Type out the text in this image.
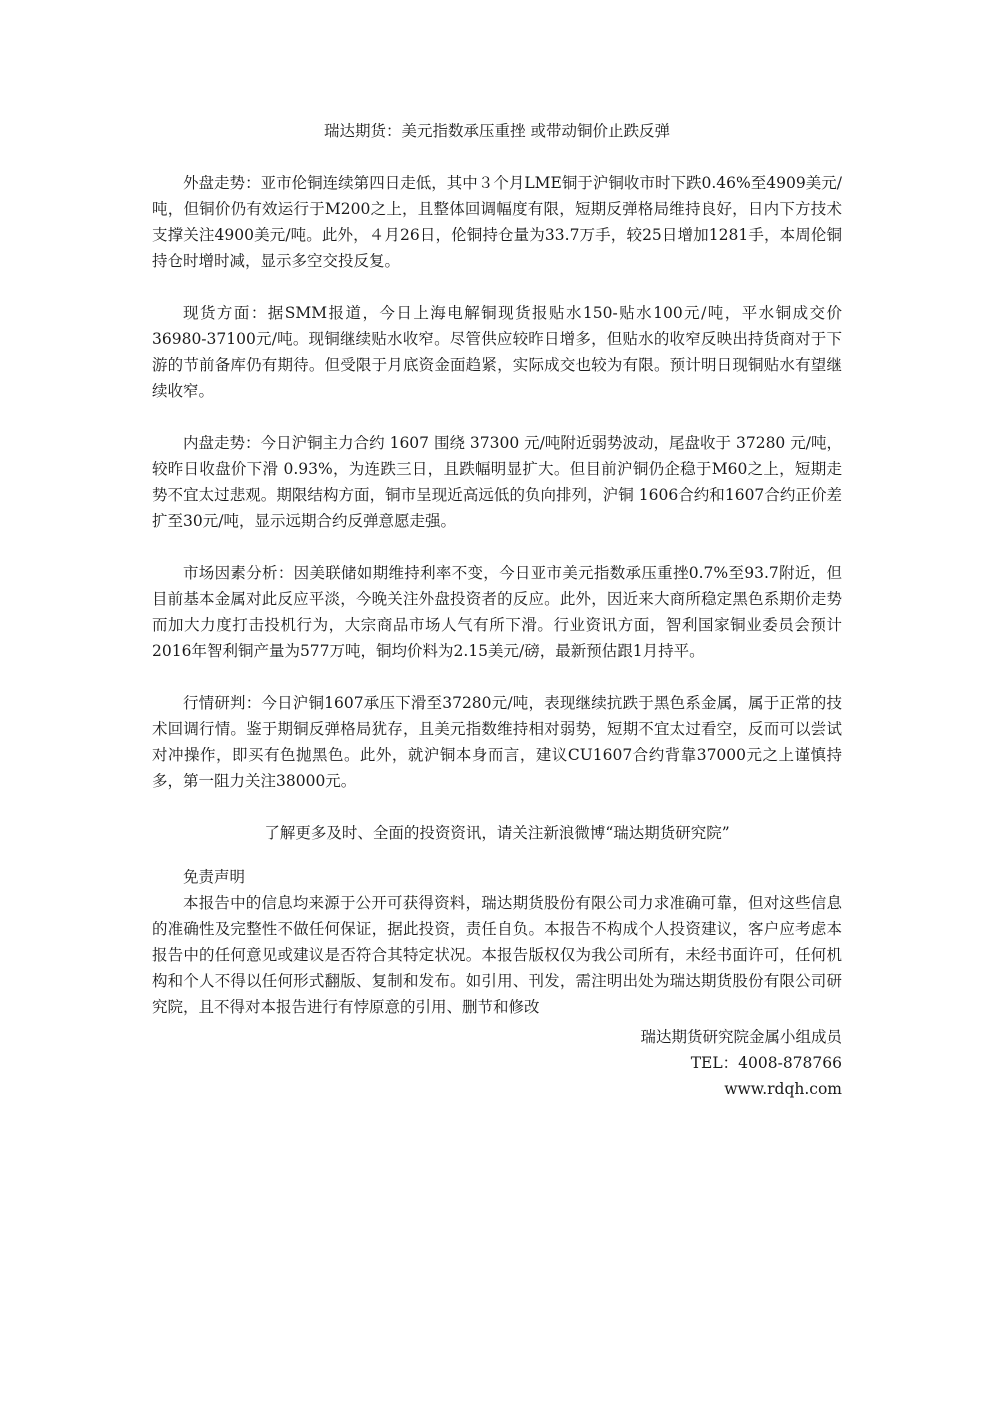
瑞达期货：美元指数承压重挫 或带动铜价止跌反弹

外盘走势：亚市伦铜连续第四日走低，其中３个月LME铜于沪铜收市时下跌0.46%至4909美元/吨，但铜价仍有效运行于M200之上，且整体回调幅度有限，短期反弹格局维持良好，日内下方技术支撑关注4900美元/吨。此外，４月26日，伦铜持仓量为33.7万手，较25日增加1281手，本周伦铜持仓时增时减，显示多空交投反复。

现货方面：据SMM报道，今日上海电解铜现货报贴水150-贴水100元/吨，平水铜成交价36980-37100元/吨。现铜继续贴水收窄。尽管供应较昨日增多，但贴水的收窄反映出持货商对于下游的节前备库仍有期待。但受限于月底资金面趋紧，实际成交也较为有限。预计明日现铜贴水有望继续收窄。

内盘走势：今日沪铜主力合约 1607 围绕 37300 元/吨附近弱势波动，尾盘收于 37280 元/吨，较昨日收盘价下滑 0.93%，为连跌三日，且跌幅明显扩大。但目前沪铜仍企稳于M60之上，短期走势不宜太过悲观。期限结构方面，铜市呈现近高远低的负向排列，沪铜 1606合约和1607合约正价差扩至30元/吨，显示远期合约反弹意愿走强。

市场因素分析：因美联储如期维持利率不变，今日亚市美元指数承压重挫0.7%至93.7附近，但目前基本金属对此反应平淡，今晚关注外盘投资者的反应。此外，因近来大商所稳定黑色系期价走势而加大力度打击投机行为，大宗商品市场人气有所下滑。行业资讯方面，智利国家铜业委员会预计2016年智利铜产量为577万吨，铜均价料为2.15美元/磅，最新预估跟1月持平。

行情研判：今日沪铜1607承压下滑至37280元/吨，表现继续抗跌于黑色系金属，属于正常的技术回调行情。鉴于期铜反弹格局犹存，且美元指数维持相对弱势，短期不宜太过看空，反而可以尝试对冲操作，即买有色抛黑色。此外，就沪铜本身而言，建议CU1607合约背靠37000元之上谨慎持多，第一阻力关注38000元。

了解更多及时、全面的投资资讯，请关注新浪微博“瑞达期货研究院”

免责声明

本报告中的信息均来源于公开可获得资料，瑞达期货股份有限公司力求准确可靠，但对这些信息的准确性及完整性不做任何保证，据此投资，责任自负。本报告不构成个人投资建议，客户应考虑本报告中的任何意见或建议是否符合其特定状况。本报告版权仅为我公司所有，未经书面许可，任何机构和个人不得以任何形式翻版、复制和发布。如引用、刊发，需注明出处为瑞达期货股份有限公司研究院，且不得对本报告进行有悖原意的引用、删节和修改

瑞达期货研究院金属小组成员

TEL：4008-878766

www.rdqh.com
